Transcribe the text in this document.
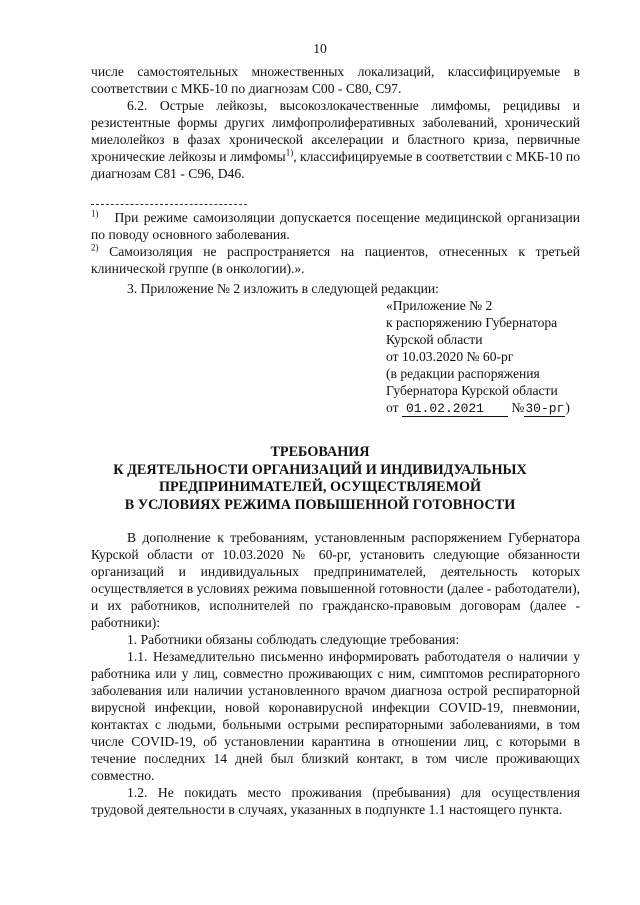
10

числе самостоятельных множественных локализаций, классифицируемые в соответствии с МКБ-10 по диагнозам С00 - С80, С97.

6.2. Острые лейкозы, высокозлокачественные лимфомы, рецидивы и резистентные формы других лимфопролиферативных заболеваний, хронический миелолейкоз в фазах хронической акселерации и бластного криза, первичные хронические лейкозы и лимфомы$^{1)}$, классифицируемые в соответствии с МКБ-10 по диагнозам С81 - С96, D46.

$^{1)}$ При режиме самоизоляции допускается посещение медицинской организации по поводу основного заболевания.

$^{2)}$ Самоизоляция не распространяется на пациентов, отнесенных к третьей клинической группе (в онкологии).».

3. Приложение № 2 изложить в следующей редакции:

«Приложение № 2
к распоряжению Губернатора
Курской области
от 10.03.2020 № 60-рг
(в редакции распоряжения
Губернатора Курской области
от 01.02.2021 №30-рг)
ТРЕБОВАНИЯ
К ДЕЯТЕЛЬНОСТИ ОРГАНИЗАЦИЙ И ИНДИВИДУАЛЬНЫХ
ПРЕДПРИНИМАТЕЛЕЙ, ОСУЩЕСТВЛЯЕМОЙ
В УСЛОВИЯХ РЕЖИМА ПОВЫШЕННОЙ ГОТОВНОСТИ

В дополнение к требованиям, установленным распоряжением Губернатора Курской области от 10.03.2020 № 60-рг, установить следующие обязанности организаций и индивидуальных предпринимателей, деятельность которых осуществляется в условиях режима повышенной готовности (далее - работодатели), и их работников, исполнителей по гражданско-правовым договорам (далее - работники):

1. Работники обязаны соблюдать следующие требования:

1.1. Незамедлительно письменно информировать работодателя о наличии у работника или у лиц, совместно проживающих с ним, симптомов респираторного заболевания или наличии установленного врачом диагноза острой респираторной вирусной инфекции, новой коронавирусной инфекции COVID-19, пневмонии, контактах с людьми, больными острыми респираторными заболеваниями, в том числе COVID-19, об установлении карантина в отношении лиц, с которыми в течение последних 14 дней был близкий контакт, в том числе проживающих совместно.

1.2. Не покидать место проживания (пребывания) для осуществления трудовой деятельности в случаях, указанных в подпункте 1.1 настоящего пункта.
